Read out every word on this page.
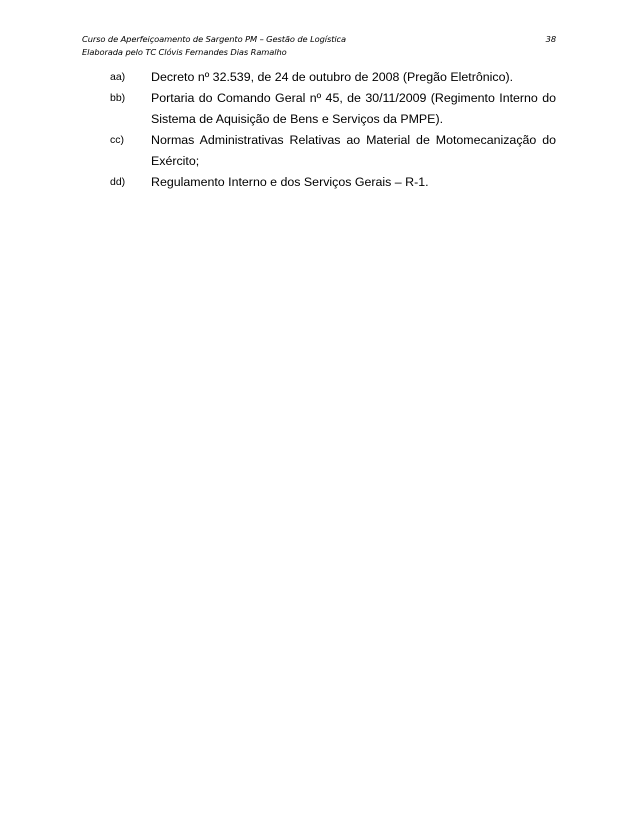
Curso de Aperfeiçoamento de Sargento PM – Gestão de Logística
Elaborada pelo TC Clóvis Fernandes Dias Ramalho
38
aa) Decreto nº 32.539, de 24 de outubro de 2008 (Pregão Eletrônico).
bb) Portaria do Comando Geral nº 45, de 30/11/2009 (Regimento Interno do Sistema de Aquisição de Bens e Serviços da PMPE).
cc) Normas Administrativas Relativas ao Material de Motomecanização do Exército;
dd) Regulamento Interno e dos Serviços Gerais – R-1.
